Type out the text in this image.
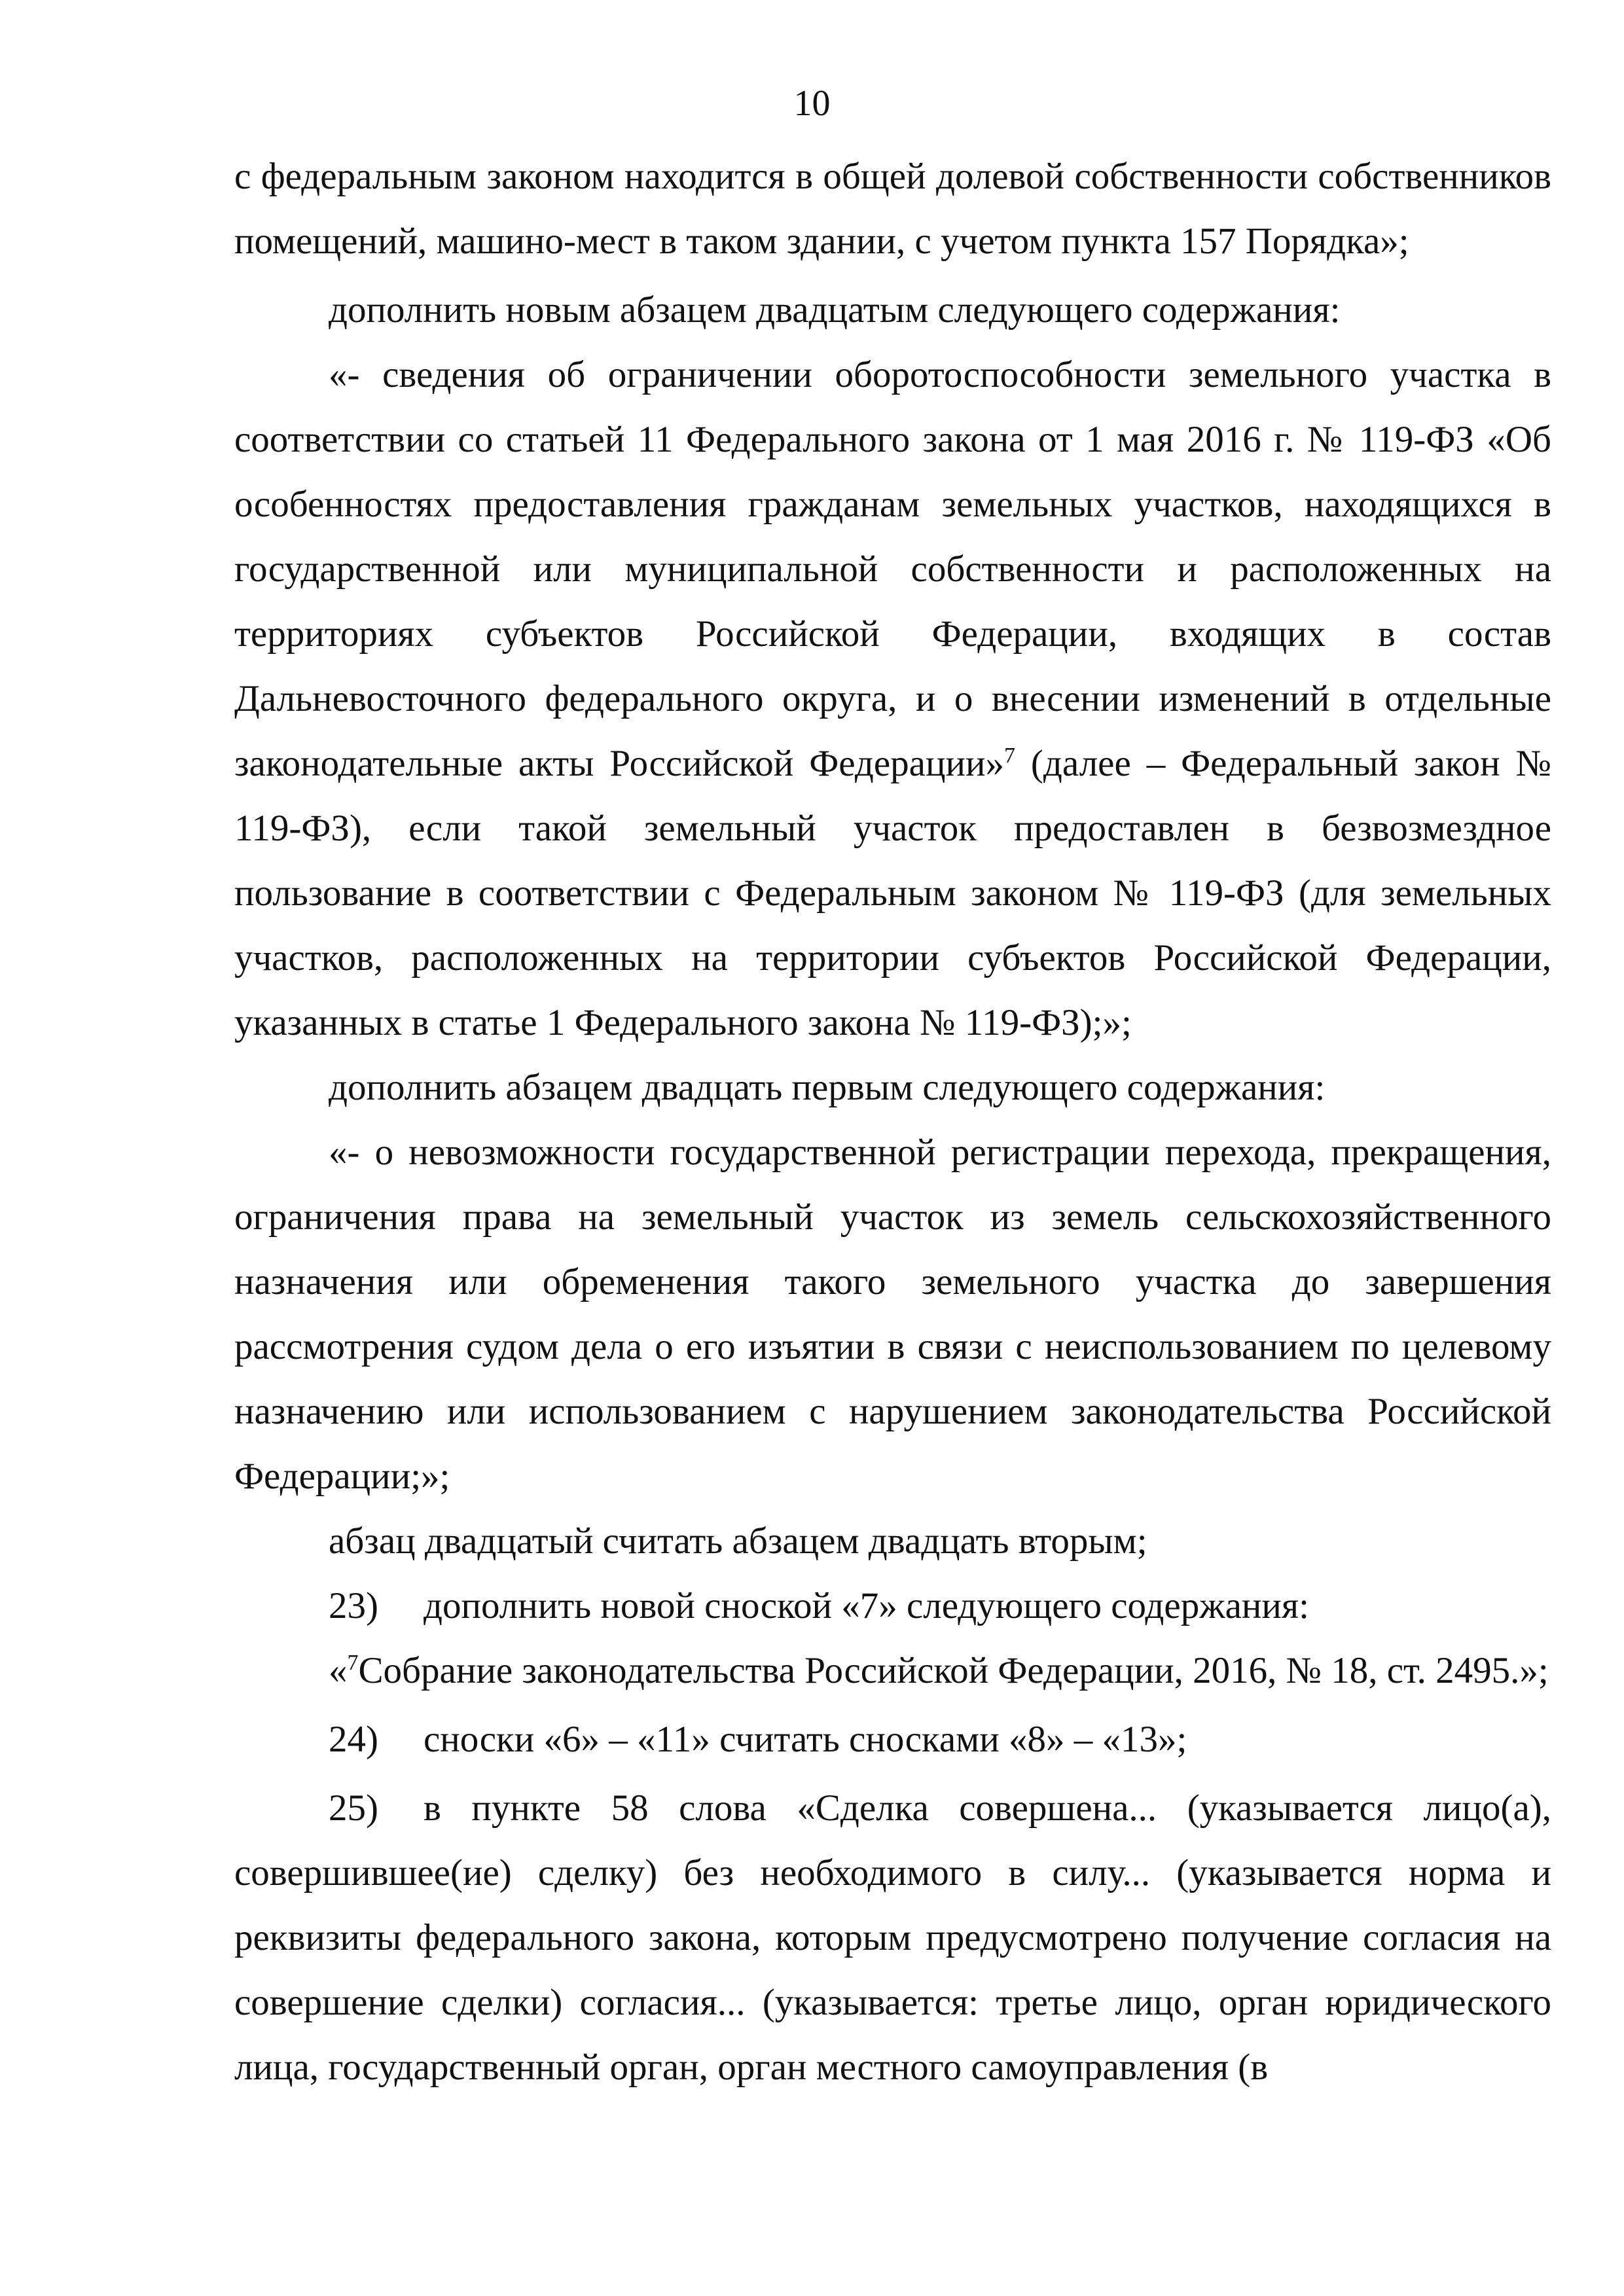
10

с федеральным законом находится в общей долевой собственности собственников помещений, машино-мест в таком здании, с учетом пункта 157 Порядка»;

дополнить новым абзацем двадцатым следующего содержания:

«- сведения об ограничении оборотоспособности земельного участка в соответствии со статьей 11 Федерального закона от 1 мая 2016 г. № 119-ФЗ «Об особенностях предоставления гражданам земельных участков, находящихся в государственной или муниципальной собственности и расположенных на территориях субъектов Российской Федерации, входящих в состав Дальневосточного федерального округа, и о внесении изменений в отдельные законодательные акты Российской Федерации»$^7$ (далее – Федеральный закон № 119-ФЗ), если такой земельный участок предоставлен в безвозмездное пользование в соответствии с Федеральным законом № 119-ФЗ (для земельных участков, расположенных на территории субъектов Российской Федерации, указанных в статье 1 Федерального закона № 119-ФЗ);»;

дополнить абзацем двадцать первым следующего содержания:

«- о невозможности государственной регистрации перехода, прекращения, ограничения права на земельный участок из земель сельскохозяйственного назначения или обременения такого земельного участка до завершения рассмотрения судом дела о его изъятии в связи с неиспользованием по целевому назначению или использованием с нарушением законодательства Российской Федерации;»;

абзац двадцатый считать абзацем двадцать вторым;

23) дополнить новой сноской «7» следующего содержания:

«$^7$Собрание законодательства Российской Федерации, 2016, № 18, ст. 2495.»;

24) сноски «6» – «11» считать сносками «8» – «13»;

25) в пункте 58 слова «Сделка совершена... (указывается лицо(а), совершившее(ие) сделку) без необходимого в силу... (указывается норма и реквизиты федерального закона, которым предусмотрено получение согласия на совершение сделки) согласия... (указывается: третье лицо, орган юридического лица, государственный орган, орган местного самоуправления (в
